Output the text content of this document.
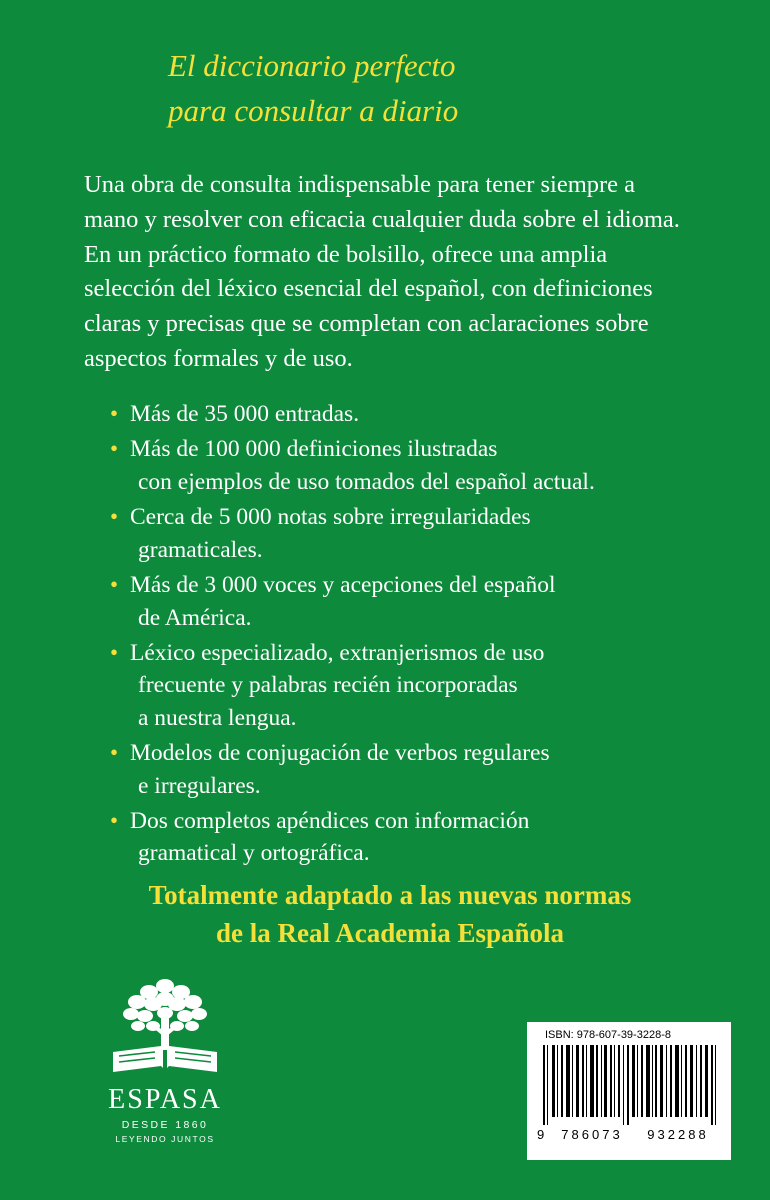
El diccionario perfecto
para consultar a diario

Una obra de consulta indispensable para tener siempre a mano y resolver con eficacia cualquier duda sobre el idioma. En un práctico formato de bolsillo, ofrece una amplia selección del léxico esencial del español, con definiciones claras y precisas que se completan con aclaraciones sobre aspectos formales y de uso.

• Más de 35 000 entradas.
• Más de 100 000 definiciones ilustradas
con ejemplos de uso tomados del español actual.
• Cerca de 5 000 notas sobre irregularidades
gramaticales.
• Más de 3 000 voces y acepciones del español
de América.
• Léxico especializado, extranjerismos de uso
frecuente y palabras recién incorporadas
a nuestra lengua.
• Modelos de conjugación de verbos regulares
e irregulares.
• Dos completos apéndices con información
gramatical y ortográfica.
Totalmente adaptado a las nuevas normas
de la Real Academia Española
ESPASA
DESDE 1860
LEYENDO JUNTOS
ISBN: 978-607-39-3228-8
9	786073	932288
